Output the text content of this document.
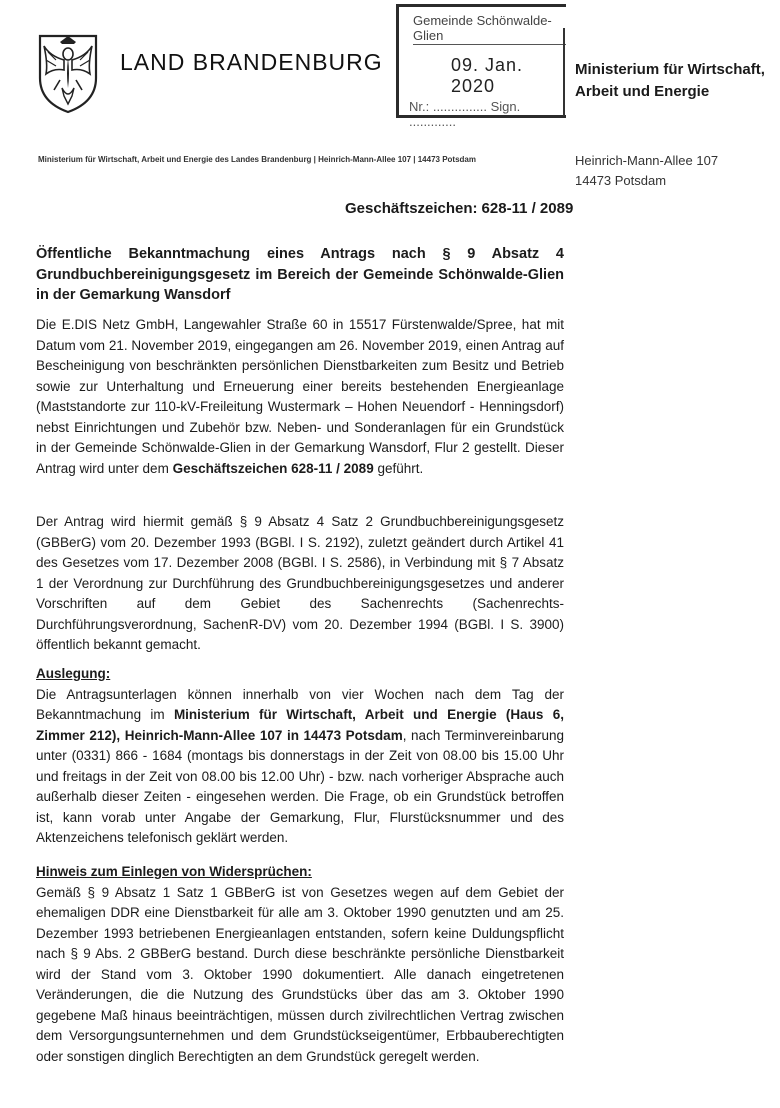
LAND BRANDENBURG
Gemeinde Schönwalde-Glien
09. Jan. 2020
Nr.: ............... Sign. .............
Ministerium für Wirtschaft,
Arbeit und Energie
Ministerium für Wirtschaft, Arbeit und Energie des Landes Brandenburg | Heinrich-Mann-Allee 107 | 14473 Potsdam	Heinrich-Mann-Allee 107
14473 Potsdam
Geschäftszeichen: 628-11 / 2089
Öffentliche Bekanntmachung eines Antrags nach § 9 Absatz 4 Grundbuchbereinigungsgesetz im Bereich der Gemeinde Schönwalde-Glien in der Gemarkung Wansdorf
Die E.DIS Netz GmbH, Langewahler Straße 60 in 15517 Fürstenwalde/Spree, hat mit Datum vom 21. November 2019, eingegangen am 26. November 2019, einen Antrag auf Bescheinigung von beschränkten persönlichen Dienstbarkeiten zum Besitz und Betrieb sowie zur Unterhaltung und Erneuerung einer bereits bestehenden Energieanlage (Maststandorte zur 110-kV-Freileitung Wustermark – Hohen Neuendorf - Henningsdorf) nebst Einrichtungen und Zubehör bzw. Neben- und Sonderanlagen für ein Grundstück in der Gemeinde Schönwalde-Glien in der Gemarkung Wansdorf, Flur 2 gestellt. Dieser Antrag wird unter dem Geschäftszeichen 628-11 / 2089 geführt.
Der Antrag wird hiermit gemäß § 9 Absatz 4 Satz 2 Grundbuchbereinigungsgesetz (GBBerG) vom 20. Dezember 1993 (BGBl. I S. 2192), zuletzt geändert durch Artikel 41 des Gesetzes vom 17. Dezember 2008 (BGBl. I S. 2586), in Verbindung mit § 7 Absatz 1 der Verordnung zur Durchführung des Grundbuchbereinigungsgesetzes und anderer Vorschriften auf dem Gebiet des Sachenrechts (Sachenrechts-Durchführungsverordnung, SachenR-DV) vom 20. Dezember 1994 (BGBl. I S. 3900) öffentlich bekannt gemacht.
Auslegung:
Die Antragsunterlagen können innerhalb von vier Wochen nach dem Tag der Bekanntmachung im Ministerium für Wirtschaft, Arbeit und Energie (Haus 6, Zimmer 212), Heinrich-Mann-Allee 107 in 14473 Potsdam, nach Terminvereinbarung unter (0331) 866 - 1684 (montags bis donnerstags in der Zeit von 08.00 bis 15.00 Uhr und freitags in der Zeit von 08.00 bis 12.00 Uhr) - bzw. nach vorheriger Absprache auch außerhalb dieser Zeiten - eingesehen werden. Die Frage, ob ein Grundstück betroffen ist, kann vorab unter Angabe der Gemarkung, Flur, Flurstücksnummer und des Aktenzeichens telefonisch geklärt werden.
Hinweis zum Einlegen von Widersprüchen:
Gemäß § 9 Absatz 1 Satz 1 GBBerG ist von Gesetzes wegen auf dem Gebiet der ehemaligen DDR eine Dienstbarkeit für alle am 3. Oktober 1990 genutzten und am 25. Dezember 1993 betriebenen Energieanlagen entstanden, sofern keine Duldungspflicht nach § 9 Abs. 2 GBBerG bestand. Durch diese beschränkte persönliche Dienstbarkeit wird der Stand vom 3. Oktober 1990 dokumentiert. Alle danach eingetretenen Veränderungen, die die Nutzung des Grundstücks über das am 3. Oktober 1990 gegebene Maß hinaus beeinträchtigen, müssen durch zivilrechtlichen Vertrag zwischen dem Versorgungsunternehmen und dem Grundstückseigentümer, Erbbauberechtigten oder sonstigen dinglich Berechtigten an dem Grundstück geregelt werden.
